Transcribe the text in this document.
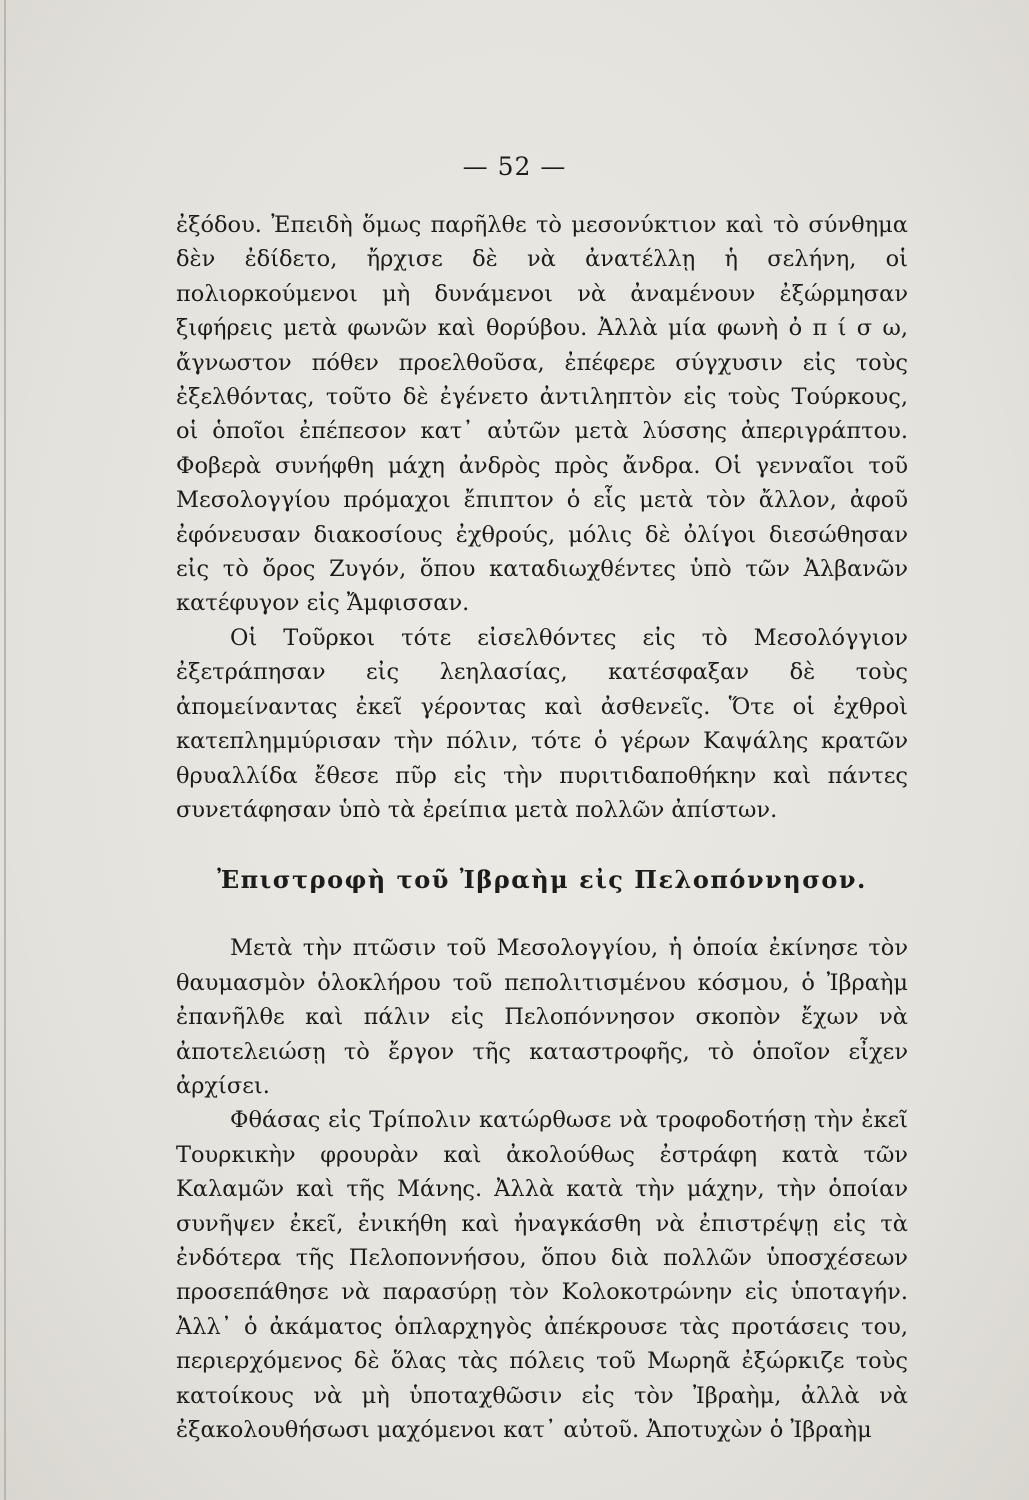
— 52 —

ἐξόδου. Ἐπειδὴ ὅμως παρῆλθε τὸ μεσονύκτιον καὶ τὸ σύνθημα δὲν ἐδίδετο, ἤρχισε δὲ νὰ ἀνατέλλῃ ἡ σελήνη, οἱ πολιορκούμενοι μὴ δυνάμενοι νὰ ἀναμένουν ἐξώρμησαν ξιφήρεις μετὰ φωνῶν καὶ θορύβου. Ἀλλὰ μία φωνὴ ὀ π ί σ ω, ἄγνωστον πόθεν προελθοῦσα, ἐπέφερε σύγχυσιν εἰς τοὺς ἐξελθόντας, τοῦτο δὲ ἐγένετο ἀντιληπτὸν εἰς τοὺς Τούρκους, οἱ ὁποῖοι ἐπέπεσον κατ᾽ αὐτῶν μετὰ λύσσης ἀπεριγράπτου. Φοβερὰ συνήφθη μάχη ἀνδρὸς πρὸς ἄνδρα. Οἱ γενναῖοι τοῦ Μεσολογγίου πρόμαχοι ἔπιπτον ὁ εἷς μετὰ τὸν ἄλλον, ἀφοῦ ἐφόνευσαν διακοσίους ἐχθρούς, μόλις δὲ ὀλίγοι διεσώθησαν εἰς τὸ ὄρος Ζυγόν, ὅπου καταδιωχθέντες ὑπὸ τῶν Ἀλβανῶν κατέφυγον εἰς Ἄμφισσαν.

Οἱ Τοῦρκοι τότε εἰσελθόντες εἰς τὸ Μεσολόγγιον ἐξετράπησαν εἰς λεηλασίας, κατέσφαξαν δὲ τοὺς ἀπομείναντας ἐκεῖ γέροντας καὶ ἀσθενεῖς. Ὅτε οἱ ἐχθροὶ κατεπλημμύρισαν τὴν πόλιν, τότε ὁ γέρων Καψάλης κρατῶν θρυαλλίδα ἔθεσε πῦρ εἰς τὴν πυριτιδαποθήκην καὶ πάντες συνετάφησαν ὑπὸ τὰ ἐρείπια μετὰ πολλῶν ἀπίστων.

Ἐπιστροφὴ τοῦ Ἰβραὴμ εἰς Πελοπόννησον.

Μετὰ τὴν πτῶσιν τοῦ Μεσολογγίου, ἡ ὁποία ἐκίνησε τὸν θαυμασμὸν ὁλοκλήρου τοῦ πεπολιτισμένου κόσμου, ὁ Ἰβραὴμ ἐπανῆλθε καὶ πάλιν εἰς Πελοπόννησον σκοπὸν ἔχων νὰ ἀποτελειώσῃ τὸ ἔργον τῆς καταστροφῆς, τὸ ὁποῖον εἶχεν ἀρχίσει.

Φθάσας εἰς Τρίπολιν κατώρθωσε νὰ τροφοδοτήσῃ τὴν ἐκεῖ Τουρκικὴν φρουρὰν καὶ ἀκολούθως ἐστράφη κατὰ τῶν Καλαμῶν καὶ τῆς Μάνης. Ἀλλὰ κατὰ τὴν μάχην, τὴν ὁποίαν συνῆψεν ἐκεῖ, ἐνικήθη καὶ ἠναγκάσθη νὰ ἐπιστρέψῃ εἰς τὰ ἐνδότερα τῆς Πελοποννήσου, ὅπου διὰ πολλῶν ὑποσχέσεων προσεπάθησε νὰ παρασύρῃ τὸν Κολοκοτρώνην εἰς ὑποταγήν. Ἀλλ᾽ ὁ ἀκάματος ὁπλαρχηγὸς ἀπέκρουσε τὰς προτάσεις του, περιερχόμενος δὲ ὅλας τὰς πόλεις τοῦ Μωρηᾶ ἐξώρκιζε τοὺς κατοίκους νὰ μὴ ὑποταχθῶσιν εἰς τὸν Ἰβραὴμ, ἀλλὰ νὰ ἐξακολουθήσωσι μαχόμενοι κατ᾽ αὐτοῦ. Ἀποτυχὼν ὁ Ἰβραὴμ
